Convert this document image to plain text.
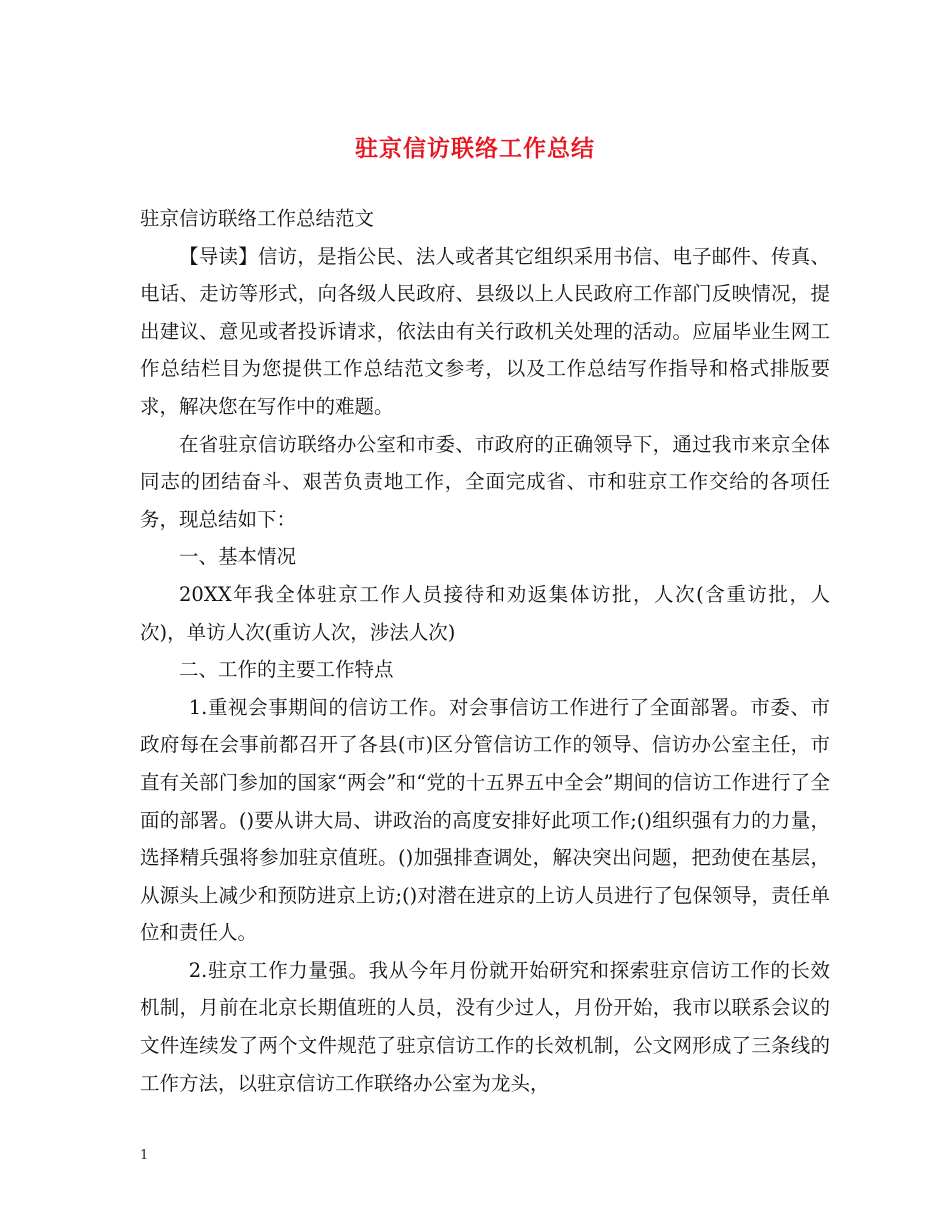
驻京信访联络工作总结

驻京信访联络工作总结范文

【导读】信访，是指公民、法人或者其它组织采用书信、电子邮件、传真、电话、走访等形式，向各级人民政府、县级以上人民政府工作部门反映情况，提出建议、意见或者投诉请求，依法由有关行政机关处理的活动。应届毕业生网工作总结栏目为您提供工作总结范文参考，以及工作总结写作指导和格式排版要求，解决您在写作中的难题。

在省驻京信访联络办公室和市委、市政府的正确领导下，通过我市来京全体同志的团结奋斗、艰苦负责地工作，全面完成省、市和驻京工作交给的各项任务，现总结如下：

一、基本情况

20XX年我全体驻京工作人员接待和劝返集体访批，人次(含重访批，人次)，单访人次(重访人次，涉法人次)

二、工作的主要工作特点

1.重视会事期间的信访工作。对会事信访工作进行了全面部署。市委、市政府每在会事前都召开了各县(市)区分管信访工作的领导、信访办公室主任，市直有关部门参加的国家“两会”和“党的十五界五中全会”期间的信访工作进行了全面的部署。()要从讲大局、讲政治的高度安排好此项工作;()组织强有力的力量，选择精兵强将参加驻京值班。()加强排查调处，解决突出问题，把劲使在基层，从源头上减少和预防进京上访;()对潜在进京的上访人员进行了包保领导，责任单位和责任人。

2.驻京工作力量强。我从今年月份就开始研究和探索驻京信访工作的长效机制，月前在北京长期值班的人员，没有少过人，月份开始，我市以联系会议的文件连续发了两个文件规范了驻京信访工作的长效机制，公文网形成了三条线的工作方法，以驻京信访工作联络办公室为龙头，

1
